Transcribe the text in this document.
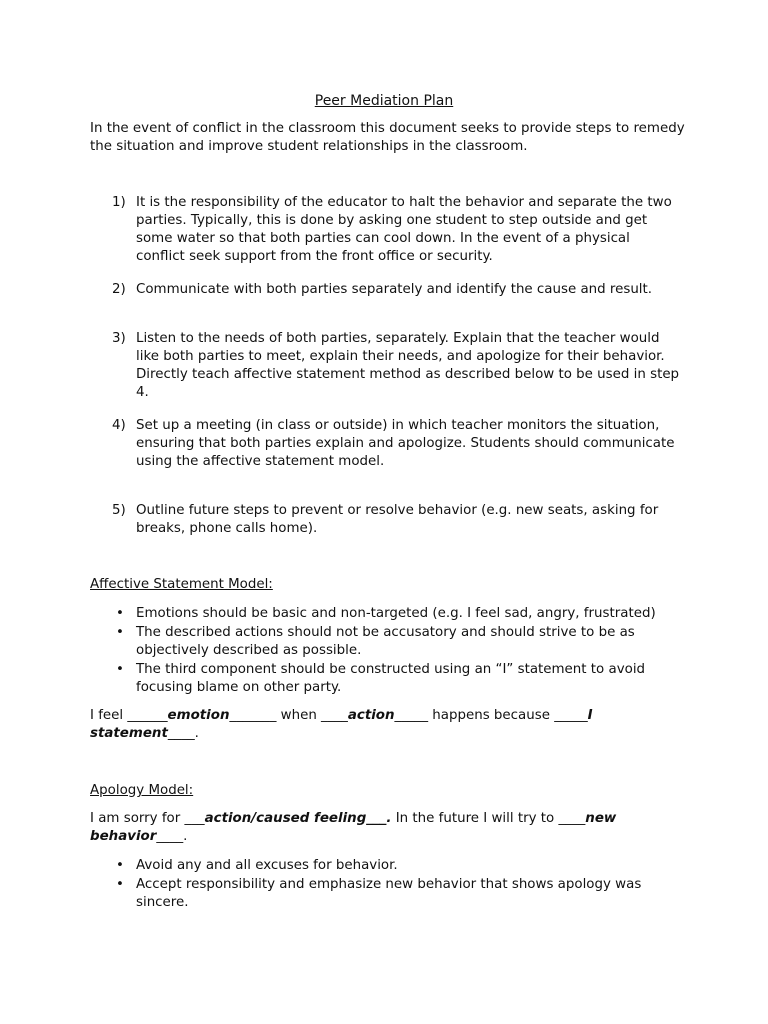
Peer Mediation Plan

In the event of conflict in the classroom this document seeks to provide steps to remedy the situation and improve student relationships in the classroom.

1) It is the responsibility of the educator to halt the behavior and separate the two parties. Typically, this is done by asking one student to step outside and get some water so that both parties can cool down. In the event of a physical conflict seek support from the front office or security.
2) Communicate with both parties separately and identify the cause and result.
3) Listen to the needs of both parties, separately. Explain that the teacher would like both parties to meet, explain their needs, and apologize for their behavior. Directly teach affective statement method as described below to be used in step 4.
4) Set up a meeting (in class or outside) in which teacher monitors the situation, ensuring that both parties explain and apologize. Students should communicate using the affective statement model.
5) Outline future steps to prevent or resolve behavior (e.g. new seats, asking for breaks, phone calls home).
Affective Statement Model:
• Emotions should be basic and non-targeted (e.g. I feel sad, angry, frustrated)
• The described actions should not be accusatory and should strive to be as objectively described as possible.
• The third component should be constructed using an “I” statement to avoid focusing blame on other party.

I feel ______emotion_______ when ____action_____ happens because _____I statement____.

Apology Model:

I am sorry for ___action/caused feeling___. In the future I will try to ____new behavior____.

• Avoid any and all excuses for behavior.
• Accept responsibility and emphasize new behavior that shows apology was sincere.
